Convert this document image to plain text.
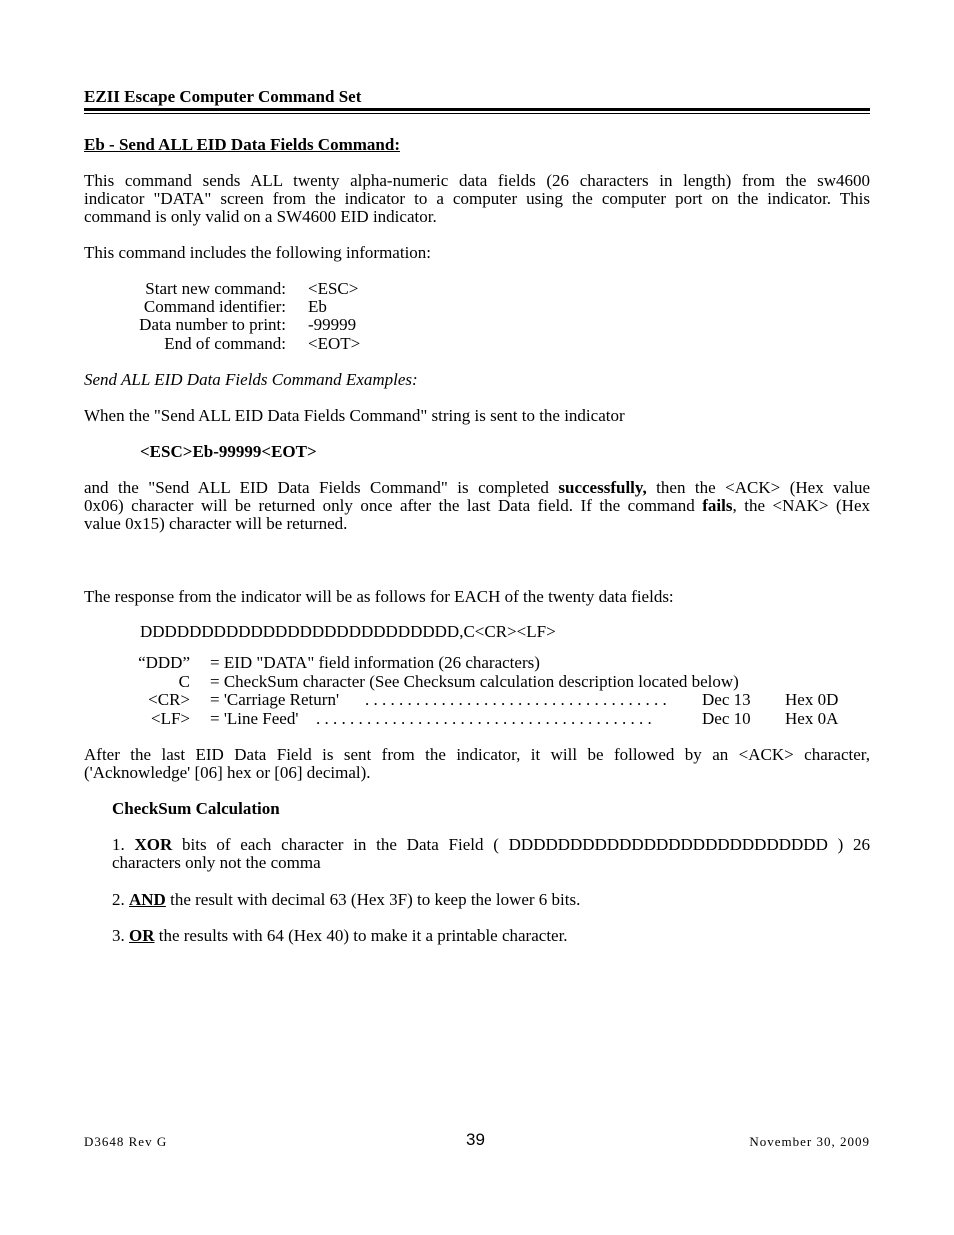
EZII Escape Computer Command Set
Eb - Send ALL EID Data Fields Command:
This command sends ALL twenty alpha-numeric data fields (26 characters in length) from the sw4600
indicator "DATA" screen from the indicator to a computer using the computer port on the indicator. This
command is only valid on a SW4600 EID indicator.
This command includes the following information:
Start new command: <ESC>
Command identifier: Eb
Data number to print: -99999
End of command: <EOT>
Send ALL EID Data Fields Command Examples:
When the "Send ALL EID Data Fields Command" string is sent to the indicator
<ESC>Eb-99999<EOT>
and the "Send ALL EID Data Fields Command" is completed successfully, then the <ACK> (Hex value
0x06) character will be returned only once after the last Data field. If the command fails, the <NAK> (Hex
value 0x15) character will be returned.
The response from the indicator will be as follows for EACH of the twenty data fields:
DDDDDDDDDDDDDDDDDDDDDDDDDD,C<CR><LF>
“DDD” = EID "DATA" field information (26 characters)
C = CheckSum character (See Checksum calculation description located below)
<CR> = 'Carriage Return' . . . . . . . . . . . . . . . . . . . . . . . . . . . . . . . . . . . .	Dec 13 Hex 0D
<LF> = 'Line Feed' . . . . . . . . . . . . . . . . . . . . . . . . . . . . . . . . . . . . . . . .	Dec 10 Hex 0A
After the last EID Data Field is sent from the indicator, it will be followed by an <ACK> character,
('Acknowledge' [06] hex or [06] decimal).
CheckSum Calculation
1. XOR bits of each character in the Data Field ( DDDDDDDDDDDDDDDDDDDDDDDDDD ) 26
characters only not the comma
2. AND the result with decimal 63 (Hex 3F) to keep the lower 6 bits.
3. OR the results with 64 (Hex 40) to make it a printable character.
D3648 Rev G	39	November 30, 2009
